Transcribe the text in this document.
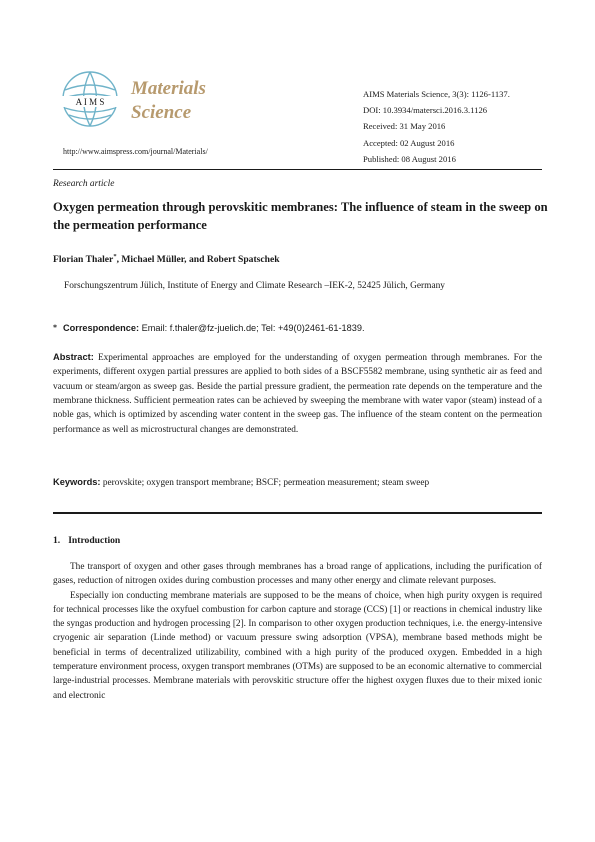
A I M S
Materials
Science
http://www.aimspress.com/journal/Materials/
AIMS Materials Science, 3(3): 1126-1137.
DOI: 10.3934/matersci.2016.3.1126
Received: 31 May 2016
Accepted: 02 August 2016
Published: 08 August 2016
Research article
Oxygen permeation through perovskitic membranes: The influence of steam in the sweep on the permeation performance
Florian Thaler*, Michael Müller, and Robert Spatschek
Forschungszentrum Jülich, Institute of Energy and Climate Research –IEK-2, 52425 Jülich, Germany
* Correspondence: Email: f.thaler@fz-juelich.de; Tel: +49(0)2461-61-1839.
Abstract: Experimental approaches are employed for the understanding of oxygen permeation through membranes. For the experiments, different oxygen partial pressures are applied to both sides of a BSCF5582 membrane, using synthetic air as feed and vacuum or steam/argon as sweep gas. Beside the partial pressure gradient, the permeation rate depends on the temperature and the membrane thickness. Sufficient permeation rates can be achieved by sweeping the membrane with water vapor (steam) instead of a noble gas, which is optimized by ascending water content in the sweep gas. The influence of the steam content on the permeation performance as well as microstructural changes are demonstrated.
Keywords: perovskite; oxygen transport membrane; BSCF; permeation measurement; steam sweep
1. Introduction

The transport of oxygen and other gases through membranes has a broad range of applications, including the purification of gases, reduction of nitrogen oxides during combustion processes and many other energy and climate relevant purposes.

Especially ion conducting membrane materials are supposed to be the means of choice, when high purity oxygen is required for technical processes like the oxyfuel combustion for carbon capture and storage (CCS) [1] or reactions in chemical industry like the syngas production and hydrogen processing [2]. In comparison to other oxygen production techniques, i.e. the energy-intensive cryogenic air separation (Linde method) or vacuum pressure swing adsorption (VPSA), membrane based methods might be beneficial in terms of decentralized utilizability, combined with a high purity of the produced oxygen. Embedded in a high temperature environment process, oxygen transport membranes (OTMs) are supposed to be an economic alternative to commercial large-industrial processes. Membrane materials with perovskitic structure offer the highest oxygen fluxes due to their mixed ionic and electronic
